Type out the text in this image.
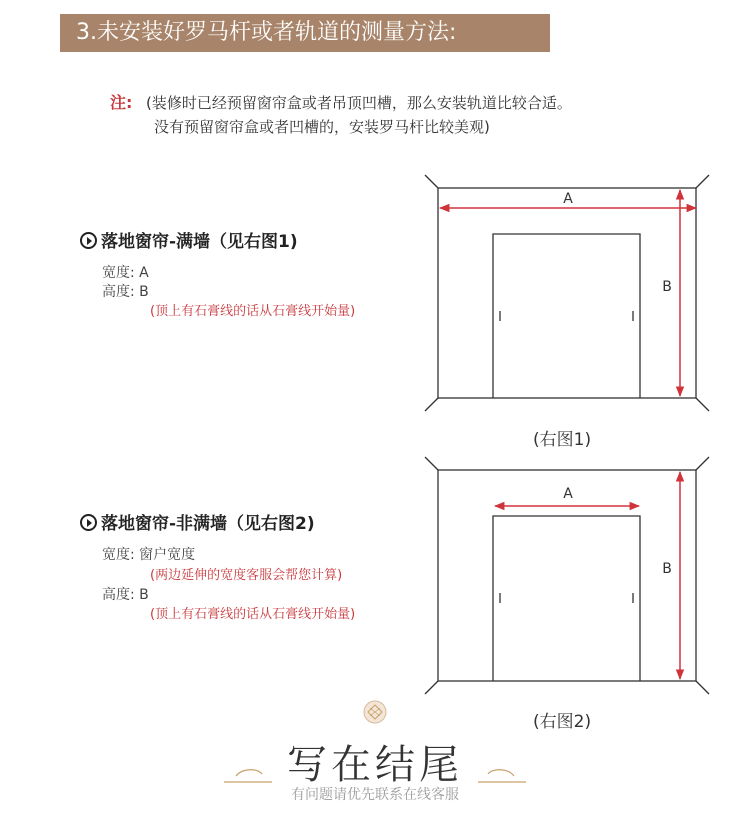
3.未安装好罗马杆或者轨道的测量方法:
注: (装修时已经预留窗帘盒或者吊顶凹槽，那么安装轨道比较合适。
没有预留窗帘盒或者凹槽的，安装罗马杆比较美观)
落地窗帘-满墙（见右图1)
宽度: A
高度: B
(顶上有石膏线的话从石膏线开始量)
落地窗帘-非满墙（见右图2)
宽度: 窗户宽度
(两边延伸的宽度客服会帮您计算)
高度: B
(顶上有石膏线的话从石膏线开始量)
A
B
A
B
(右图1)
(右图2)
写在结尾
有问题请优先联系在线客服
